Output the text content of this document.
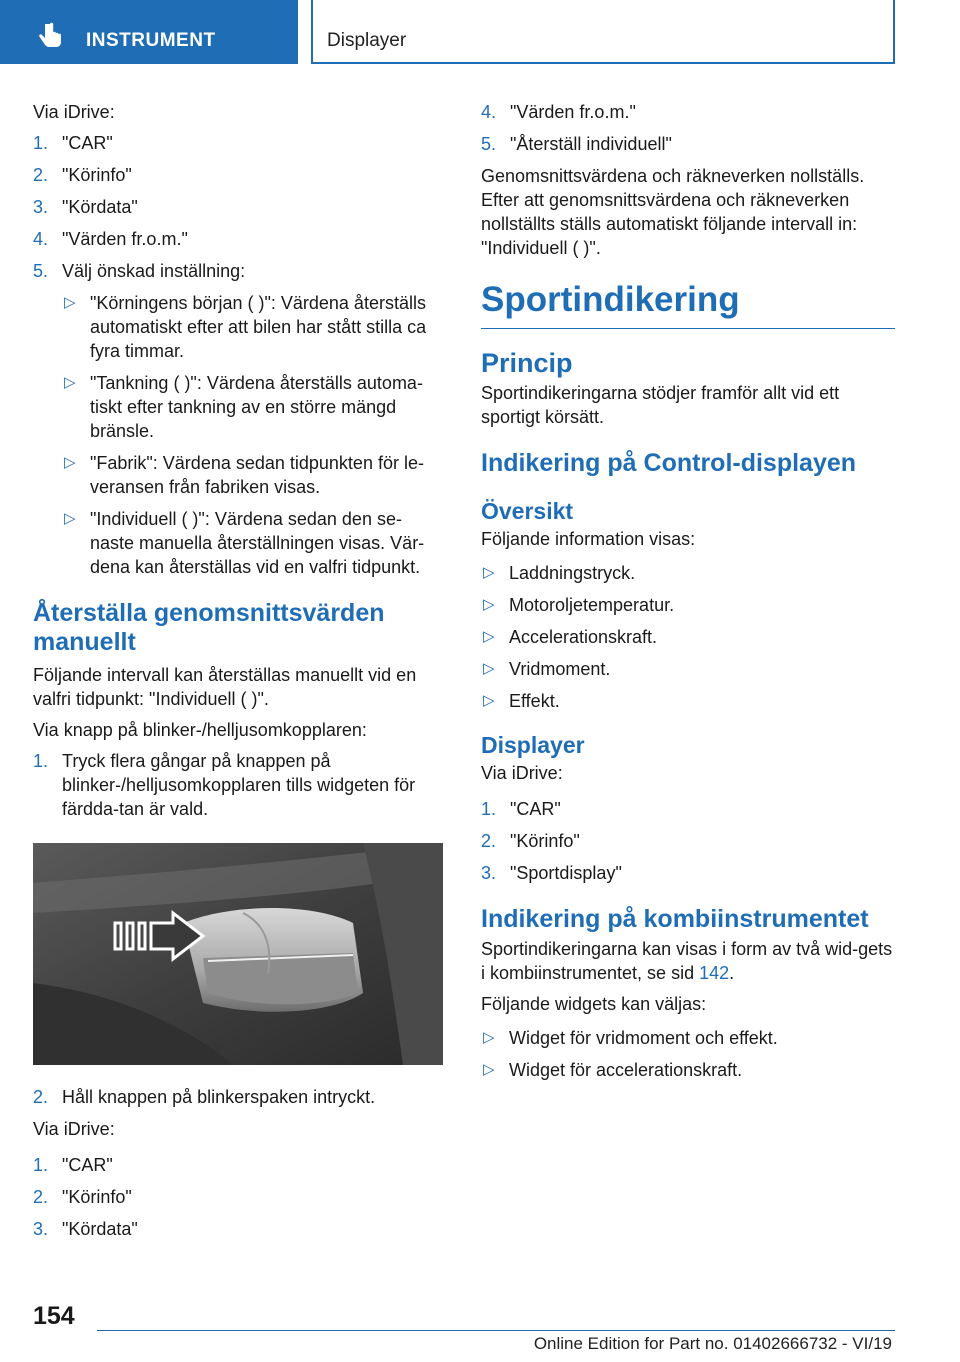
INSTRUMENT	Displayer

Via iDrive:

1. "CAR"
2. "Körinfo"
3. "Kördata"
4. "Värden fr.o.m."
5. Välj önskad inställning:
▷ "Körningens början ( )": Värdena återställs automatiskt efter att bilen har stått stilla ca fyra timmar.
▷ "Tankning ( )": Värdena återställs automa-tiskt efter tankning av en större mängd bränsle.
▷ "Fabrik": Värdena sedan tidpunkten för le-veransen från fabriken visas.
▷ "Individuell ( )": Värdena sedan den se-naste manuella återställningen visas. Vär-dena kan återställas vid en valfri tidpunkt.
Återställa genomsnittsvärden manuellt

Följande intervall kan återställas manuellt vid en valfri tidpunkt: "Individuell ( )".

Via knapp på blinker-/helljusomkopplaren:

1. Tryck flera gångar på knappen på blinker-/helljusomkopplaren tills widgeten för färdda-tan är vald.
2. Håll knappen på blinkerspaken intryckt.

Via iDrive:

1. "CAR"
2. "Körinfo"
3. "Kördata"
4. "Värden fr.o.m."
5. "Återställ individuell"

Genomsnittsvärdena och räkneverken nollställs. Efter att genomsnittsvärdena och räkneverken nollställts ställs automatiskt följande intervall in: "Individuell ( )".

Sportindikering
Princip

Sportindikeringarna stödjer framför allt vid ett sportigt körsätt.

Indikering på Control-displayen
Översikt

Följande information visas:

▷ Laddningstryck.
▷ Motoroljetemperatur.
▷ Accelerationskraft.
▷ Vridmoment.
▷ Effekt.
Displayer

Via iDrive:

1. "CAR"
2. "Körinfo"
3. "Sportdisplay"
Indikering på kombiinstrumentet

Sportindikeringarna kan visas i form av två wid-gets i kombiinstrumentet, se sid 142.

Följande widgets kan väljas:

▷ Widget för vridmoment och effekt.
▷ Widget för accelerationskraft.
154
Online Edition for Part no. 01402666732 - VI/19
